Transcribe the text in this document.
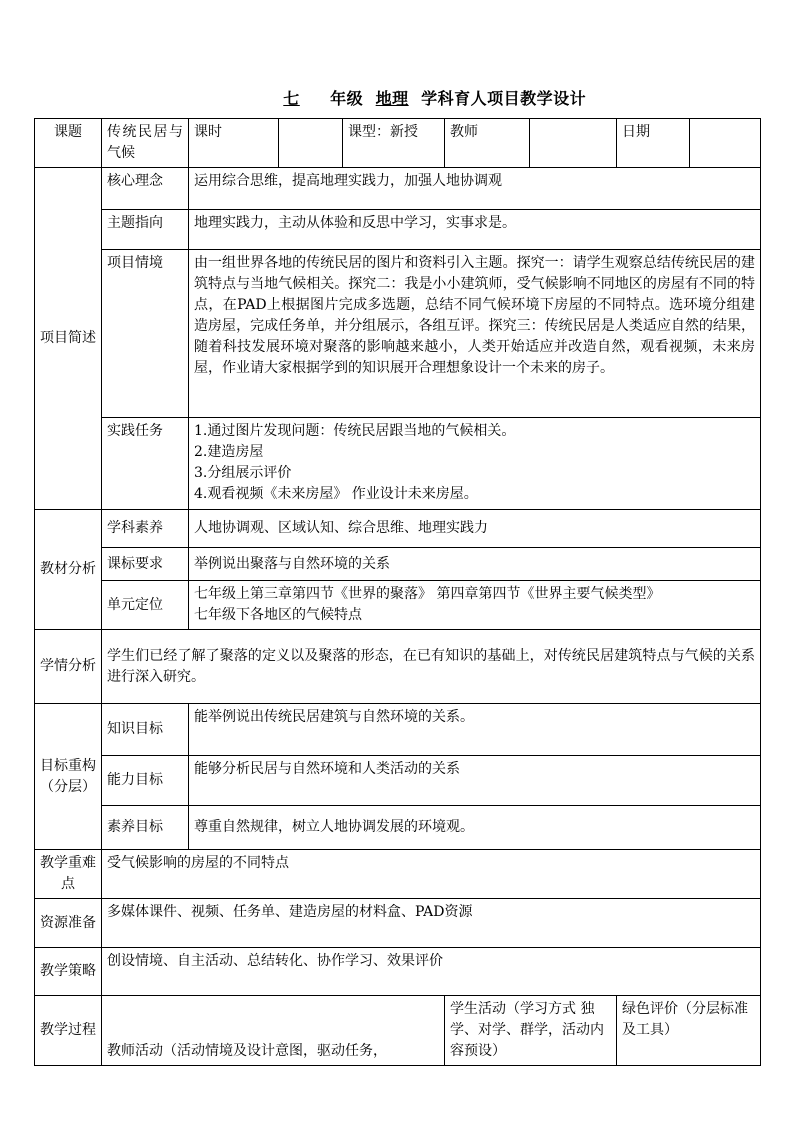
七 年级 地理 学科育人项目教学设计
课题	传统民居与气候	课时		课型：新授	教师		日期	
项目简述	核心理念	运用综合思维，提高地理实践力，加强人地协调观						
	主题指向	地理实践力，主动从体验和反思中学习，实事求是。						
	项目情境	由一组世界各地的传统民居的图片和资料引入主题。探究一：请学生观察总结传统民居的建筑特点与当地气候相关。探究二：我是小小建筑师，受气候影响不同地区的房屋有不同的特点，在PAD上根据图片完成多选题，总结不同气候环境下房屋的不同特点。选环境分组建造房屋，完成任务单，并分组展示，各组互评。探究三：传统民居是人类适应自然的结果，随着科技发展环境对聚落的影响越来越小，人类开始适应并改造自然，观看视频，未来房屋，作业请大家根据学到的知识展开合理想象设计一个未来的房子。						
	实践任务	1.通过图片发现问题：传统民居跟当地的气候相关。
2.建造房屋
3.分组展示评价
4.观看视频《未来房屋》 作业设计未来房屋。						

教材分析	学科素养	人地协调观、区域认知、综合思维、地理实践力						
	课标要求	举例说出聚落与自然环境的关系						
	单元定位	七年级上第三章第四节《世界的聚落》 第四章第四节《世界主要气候类型》
七年级下各地区的气候特点						

学情分析	学生们已经了解了聚落的定义以及聚落的形态，在已有知识的基础上，对传统民居建筑特点与气候的关系进行深入研究。							
目标重构（分层）	知识目标	能举例说出传统民居建筑与自然环境的关系。						
	能力目标	能够分析民居与自然环境和人类活动的关系						
	素养目标	尊重自然规律，树立人地协调发展的环境观。						
教学重难点	受气候影响的房屋的不同特点							
资源准备	多媒体课件、视频、任务单、建造房屋的材料盒、PAD资源							
教学策略	创设情境、自主活动、总结转化、协作学习、效果评价							
教学过程	教师活动（活动情境及设计意图，驱动任务，				学生活动（学习方式 独学、对学、群学，活动内容预设）		绿色评价（分层标准及工具）	
